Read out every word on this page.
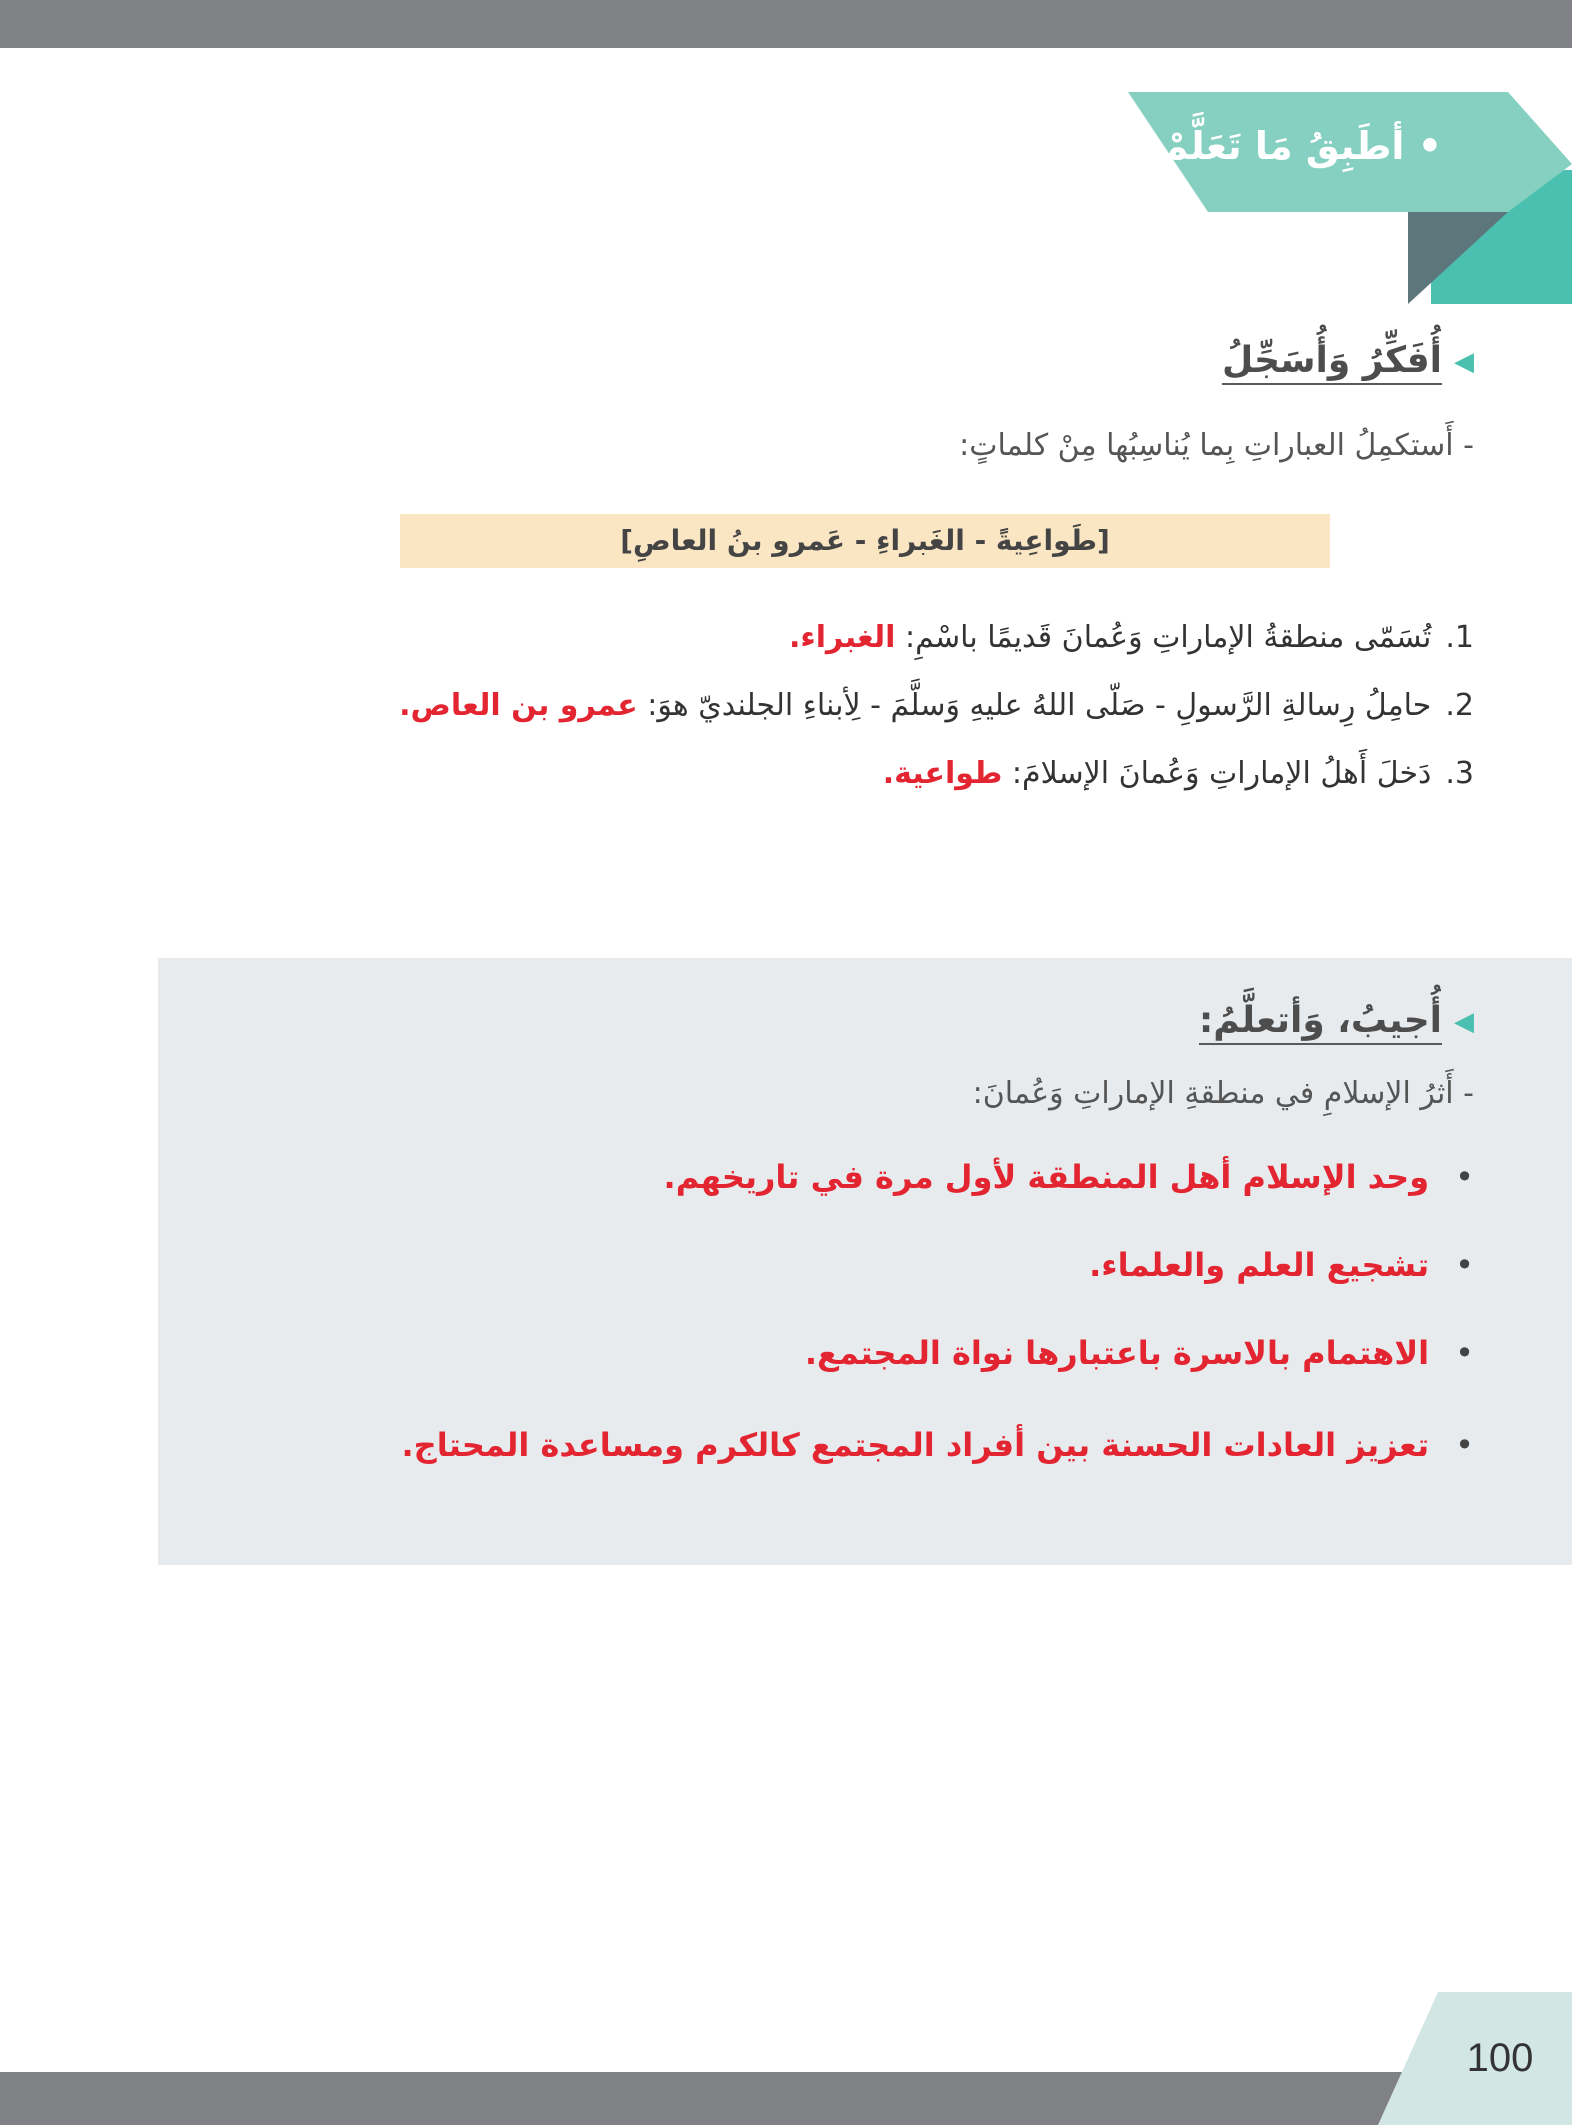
• أطَبِقُ مَا تَعَلَّمْتُ
◀أُفَكِّرُ وَأُسَجِّلُ
- أَستكمِلُ العباراتِ بِما يُناسِبُها مِنْ كلماتٍ:
[طَواعِيةً - الغَبراءِ - عَمرو بنُ العاصِ]
1.تُسَمّى منطقةُ الإماراتِ وَعُمانَ قَديمًا باسْمِ: الغبراء.
2.حامِلُ رِسالةِ الرَّسولِ - صَلّى اللهُ عليهِ وَسلَّمَ - لِأبناءِ الجلنديّ هوَ: عمرو بن العاص.
3.دَخلَ أَهلُ الإماراتِ وَعُمانَ الإسلامَ: طواعية.
◀أُجيبُ، وَأتعلَّمُ:
- أَثرُ الإسلامِ في منطقةِ الإماراتِ وَعُمانَ:
•وحد الإسلام أهل المنطقة لأول مرة في تاريخهم.
•تشجيع العلم والعلماء.
•الاهتمام بالاسرة باعتبارها نواة المجتمع.
•تعزيز العادات الحسنة بين أفراد المجتمع كالكرم ومساعدة المحتاج.
100
